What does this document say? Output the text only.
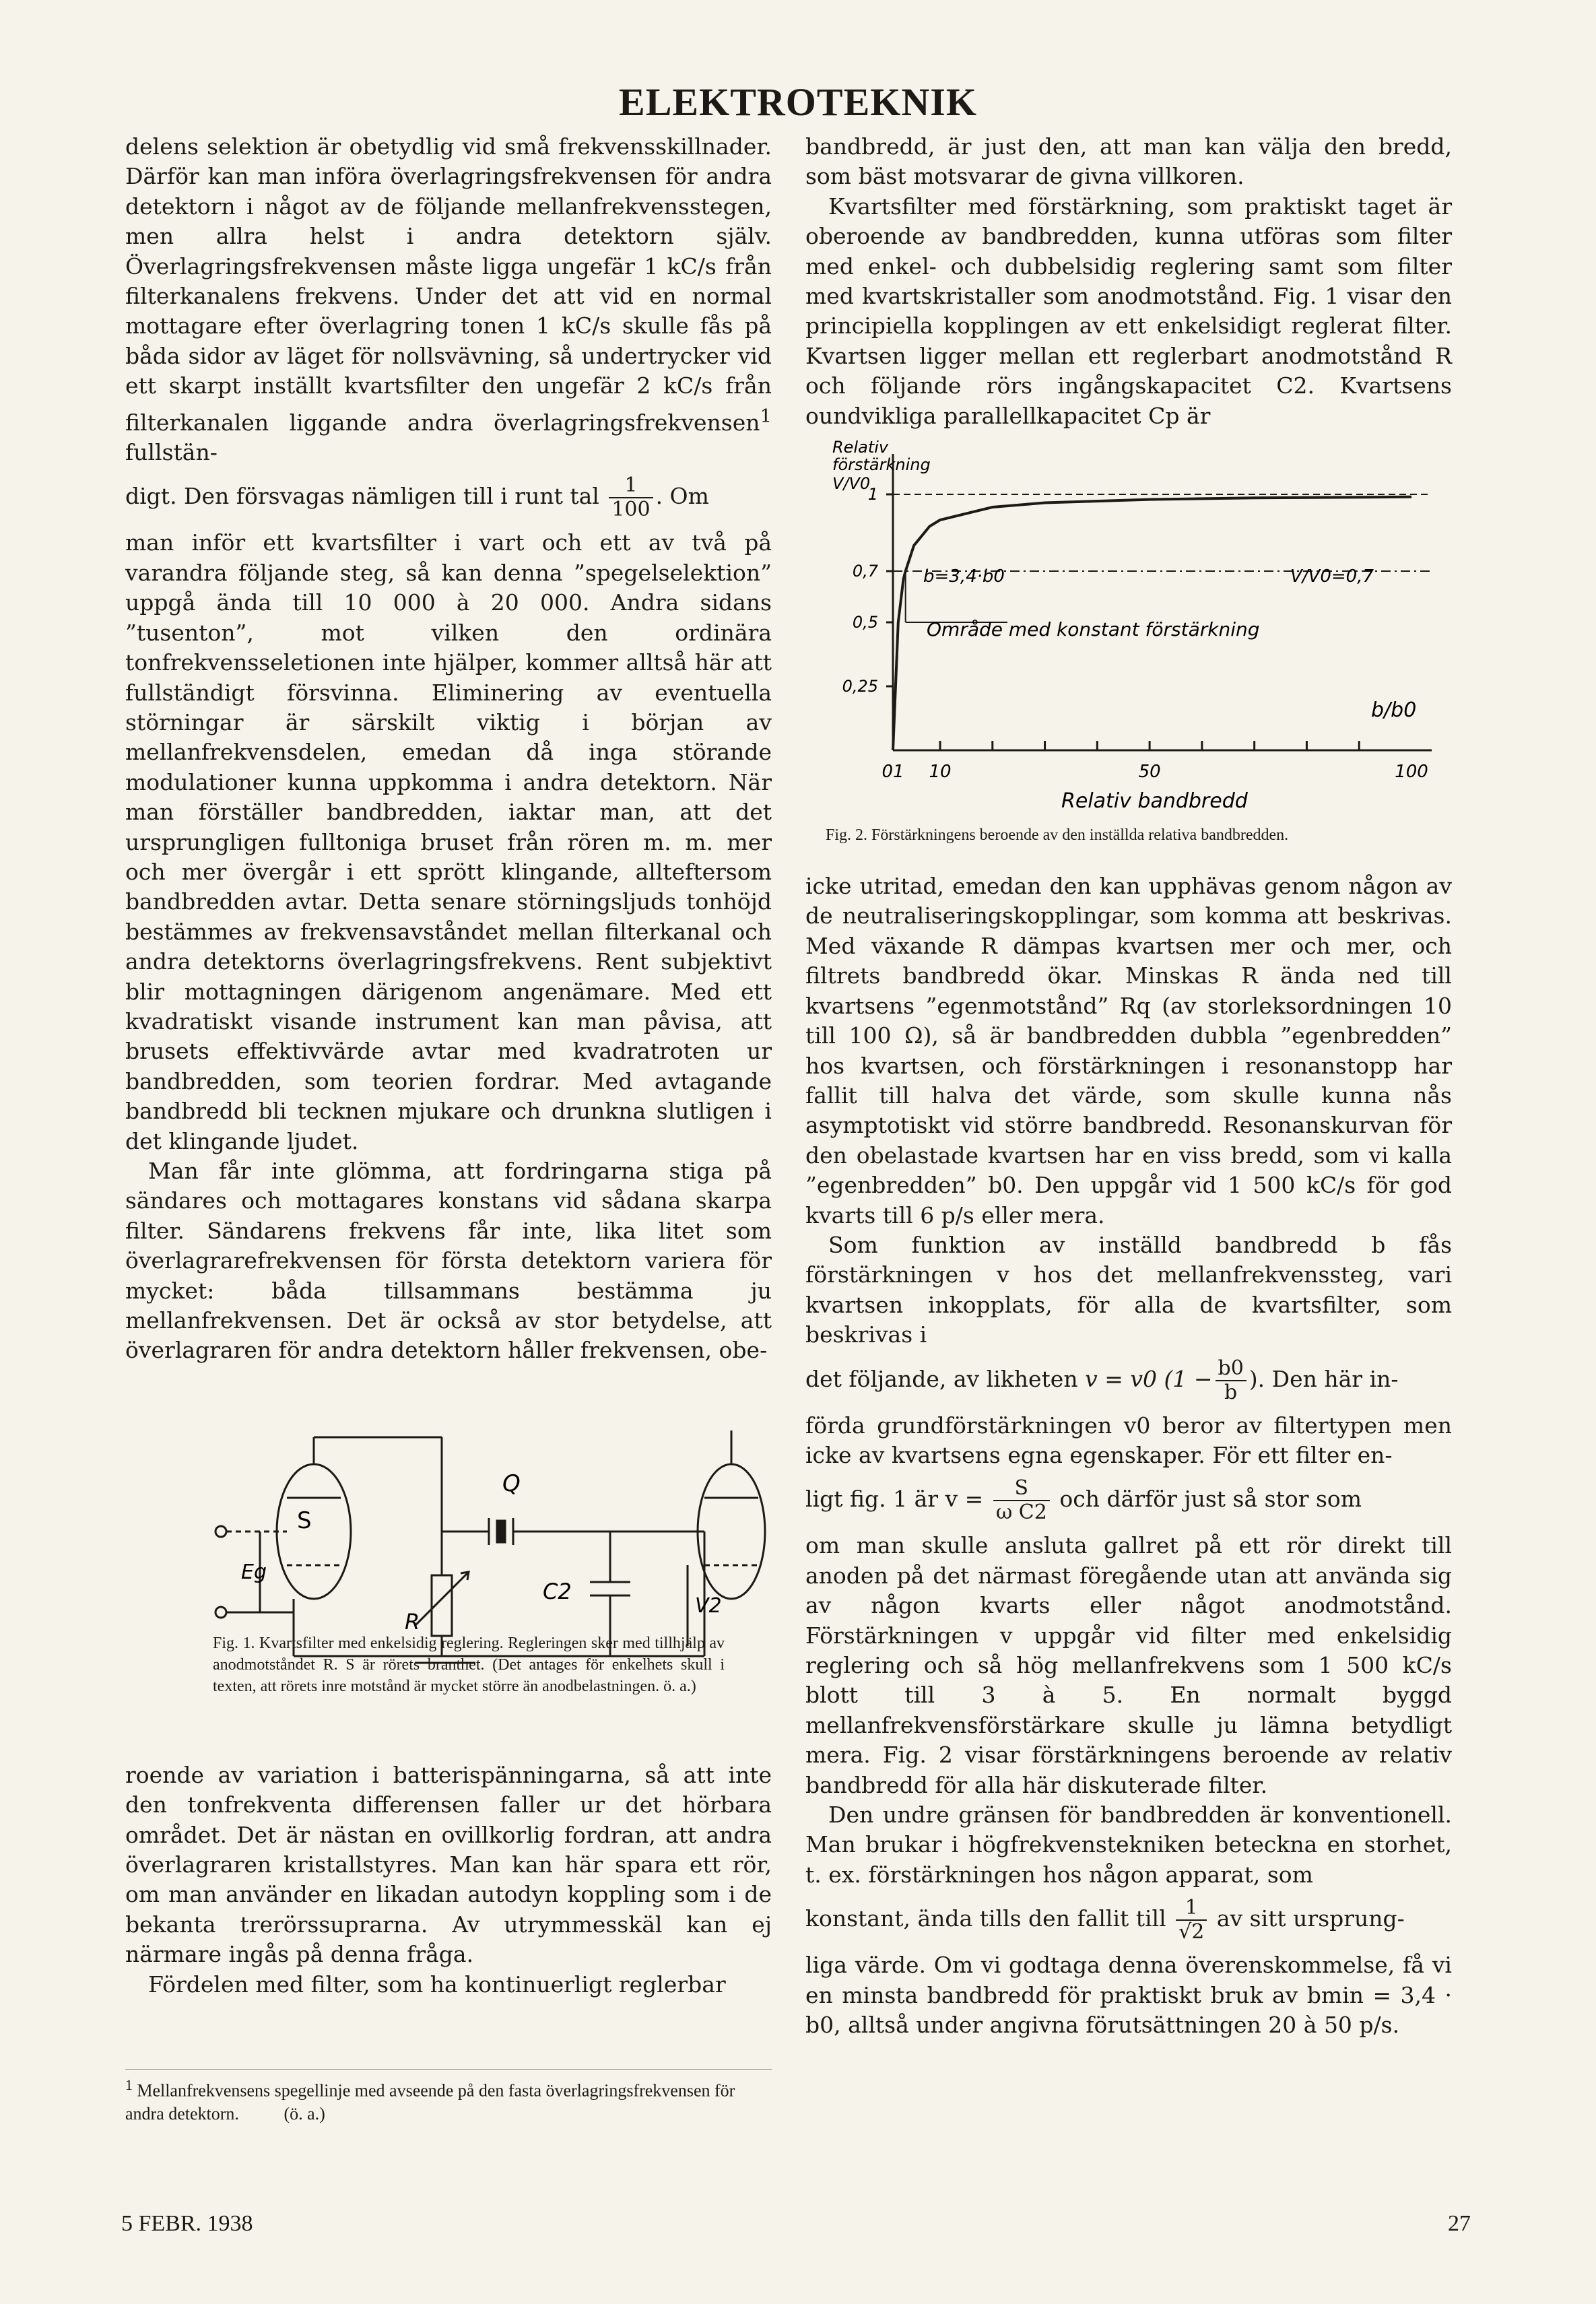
ELEKTROTEKNIK

delens selektion är obetydlig vid små frekvensskillnader. Därför kan man införa överlagringsfrekvensen för andra detektorn i något av de följande mellanfrekvensstegen, men allra helst i andra detektorn själv. Överlagringsfrekvensen måste ligga ungefär 1 kC/s från filterkanalens frekvens. Under det att vid en normal mottagare efter överlagring tonen 1 kC/s skulle fås på båda sidor av läget för nollsvävning, så undertrycker vid ett skarpt inställt kvartsfilter den ungefär 2 kC/s från filterkanalen liggande andra överlagringsfrekvensen$^1$ fullstän-

digt. Den försvagas nämligen till i runt tal $\frac{1}{100}$ . Om

man inför ett kvartsfilter i vart och ett av två på varandra följande steg, så kan denna ”spegelselektion” uppgå ända till 10 000 à 20 000. Andra sidans ”tusenton”, mot vilken den ordinära tonfrekvensseletionen inte hjälper, kommer alltså här att fullständigt försvinna. Eliminering av eventuella störningar är särskilt viktig i början av mellanfrekvensdelen, emedan då inga störande modulationer kunna uppkomma i andra detektorn. När man förställer bandbredden, iaktar man, att det ursprungligen fulltoniga bruset från rören m. m. mer och mer övergår i ett sprött klingande, allteftersom bandbredden avtar. Detta senare störningsljuds tonhöjd bestämmes av frekvensavståndet mellan filterkanal och andra detektorns överlagringsfrekvens. Rent subjektivt blir mottagningen därigenom angenämare. Med ett kvadratiskt visande instrument kan man påvisa, att brusets effektivvärde avtar med kvadratroten ur bandbredden, som teorien fordrar. Med avtagande bandbredd bli tecknen mjukare och drunkna slutligen i det klingande ljudet.

Man får inte glömma, att fordringarna stiga på sändares och mottagares konstans vid sådana skarpa filter. Sändarens frekvens får inte, lika litet som överlagrarefrekvensen för första detektorn variera för mycket: båda tillsammans bestämma ju mellanfrekvensen. Det är också av stor betydelse, att överlagraren för andra detektorn håller frekvensen, obe-

S
Q
R
C2
Eg
V2

Fig. 1. Kvartsfilter med enkelsidig reglering. Regleringen sker med tillhjälp av anodmotståndet R. S är rörets branthet. (Det antages för enkelhets skull i texten, att rörets inre motstånd är mycket större än anodbelastningen. ö. a.)

roende av variation i batterispänningarna, så att inte den tonfrekventa differensen faller ur det hörbara området. Det är nästan en ovillkorlig fordran, att andra överlagraren kristallstyres. Man kan här spara ett rör, om man använder en likadan autodyn koppling som i de bekanta trerörssuprarna. Av utrymmesskäl kan ej närmare ingås på denna fråga.

Fördelen med filter, som ha kontinuerligt reglerbar

$^1$ Mellanfrekvensens spegellinje med avseende på den fasta överlagringsfrekvensen för andra detektorn.	(ö. a.)

bandbredd, är just den, att man kan välja den bredd, som bäst motsvarar de givna villkoren.

Kvartsfilter med förstärkning, som praktiskt taget är oberoende av bandbredden, kunna utföras som filter med enkel- och dubbelsidig reglering samt som filter med kvartskristaller som anodmotstånd. Fig. 1 visar den principiella kopplingen av ett enkelsidigt reglerat filter. Kvartsen ligger mellan ett reglerbart anodmotstånd R och följande rörs ingångskapacitet C2. Kvartsens oundvikliga parallellkapacitet Cp är

1
0,7
0,5
0,25
01 10	50	100
Relativ
förstärkning
V/V0
b=3,4·b0	V/V0=0,7
Område med konstant förstärkning
b/b0
Relativ bandbredd

Fig. 2. Förstärkningens beroende av den inställda relativa bandbredden.

icke utritad, emedan den kan upphävas genom någon av de neutraliseringskopplingar, som komma att beskrivas. Med växande R dämpas kvartsen mer och mer, och filtrets bandbredd ökar. Minskas R ända ned till kvartsens ”egenmotstånd” Rq (av storleksordningen 10 till 100 Ω), så är bandbredden dubbla ”egenbredden” hos kvartsen, och förstärkningen i resonanstopp har fallit till halva det värde, som skulle kunna nås asymptotiskt vid större bandbredd. Resonanskurvan för den obelastade kvartsen har en viss bredd, som vi kalla ”egenbredden” b0. Den uppgår vid 1 500 kC/s för god kvarts till 6 p/s eller mera.

Som funktion av inställd bandbredd b fås förstärkningen v hos det mellanfrekvenssteg, vari kvartsen inkopplats, för alla de kvartsfilter, som beskrivas i

det följande, av likheten v = v0 ($1 - \frac{b0}{b}$ ). Den här in-

förda grundförstärkningen v0 beror av filtertypen men icke av kvartsens egna egenskaper. För ett filter en-

ligt fig. 1 är $v = \frac{S}{\text{ω C2}}$ och därför just så stor som

om man skulle ansluta gallret på ett rör direkt till anoden på det närmast föregående utan att använda sig av någon kvarts eller något anodmotstånd. Förstärkningen v uppgår vid filter med enkelsidig reglering och så hög mellanfrekvens som 1 500 kC/s blott till 3 à 5. En normalt byggd mellanfrekvensförstärkare skulle ju lämna betydligt mera. Fig. 2 visar förstärkningens beroende av relativ bandbredd för alla här diskuterade filter.

Den undre gränsen för bandbredden är konventionell. Man brukar i högfrekvenstekniken beteckna en storhet, t. ex. förstärkningen hos någon apparat, som

konstant, ända tills den fallit till $\frac{1}{√2}$ av sitt ursprung-

liga värde. Om vi godtaga denna överenskommelse, få vi en minsta bandbredd för praktiskt bruk av bmin = 3,4 · b0, alltså under angivna förutsättningen 20 à 50 p/s.

5 FEBR. 1938	27
